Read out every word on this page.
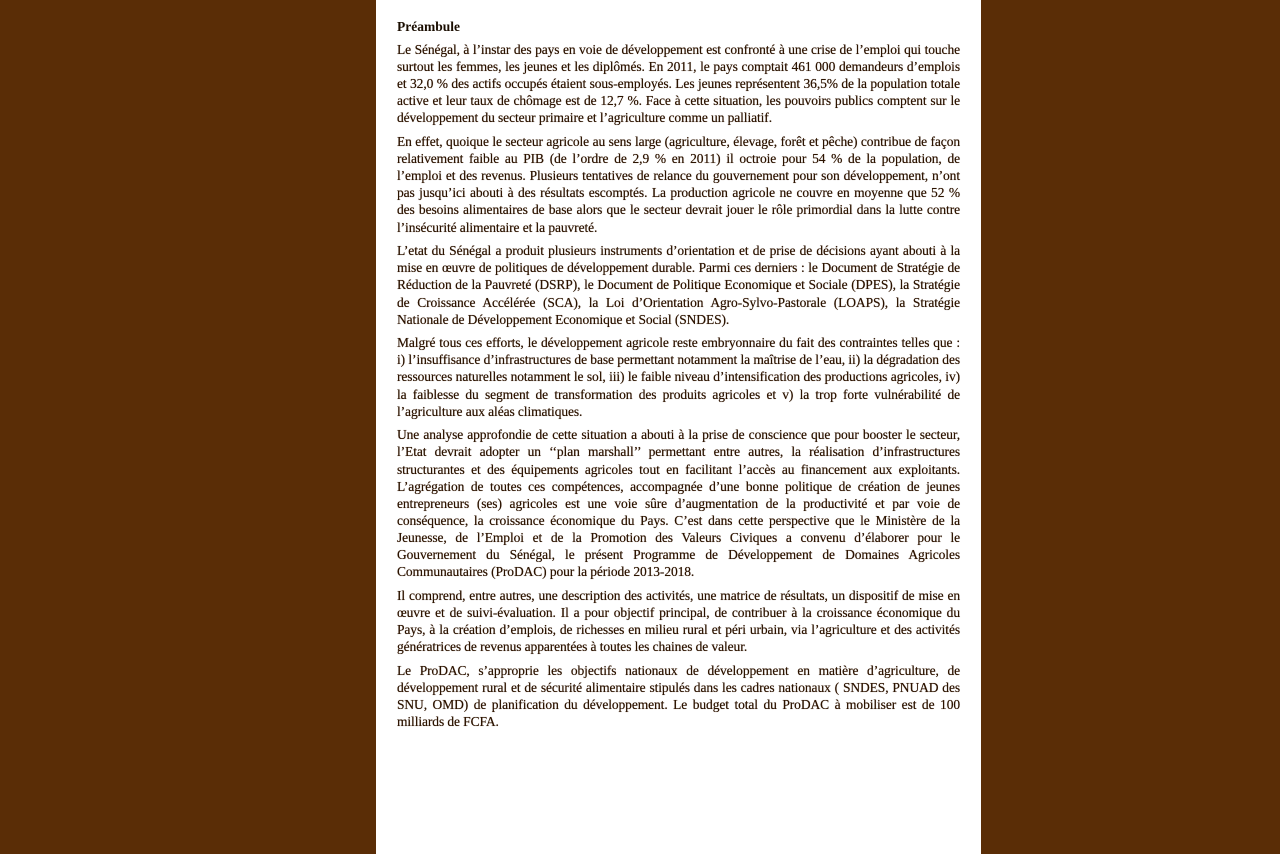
Préambule

Le Sénégal, à l’instar des pays en voie de développement est confronté à une crise de l’emploi qui touche surtout les femmes, les jeunes et les diplômés. En 2011, le pays comptait 461 000 demandeurs d’emplois et 32,0 % des actifs occupés étaient sous-employés. Les jeunes représentent 36,5% de la population totale active et leur taux de chômage est de 12,7 %. Face à cette situation, les pouvoirs publics comptent sur le développement du secteur primaire et l’agriculture comme un palliatif.

En effet, quoique le secteur agricole au sens large (agriculture, élevage, forêt et pêche) contribue de façon relativement faible au PIB (de l’ordre de 2,9 % en 2011) il octroie pour 54 % de la population, de l’emploi et des revenus. Plusieurs tentatives de relance du gouvernement pour son développement, n’ont pas jusqu’ici abouti à des résultats escomptés. La production agricole ne couvre en moyenne que 52 % des besoins alimentaires de base alors que le secteur devrait jouer le rôle primordial dans la lutte contre l’insécurité alimentaire et la pauvreté.

L’etat du Sénégal a produit plusieurs instruments d’orientation et de prise de décisions ayant abouti à la mise en œuvre de politiques de développement durable. Parmi ces derniers : le Document de Stratégie de Réduction de la Pauvreté (DSRP), le Document de Politique Economique et Sociale (DPES), la Stratégie de Croissance Accélérée (SCA), la Loi d’Orientation Agro-Sylvo-Pastorale (LOAPS), la Stratégie Nationale de Développement Economique et Social (SNDES).

Malgré tous ces efforts, le développement agricole reste embryonnaire du fait des contraintes telles que : i) l’insuffisance d’infrastructures de base permettant notamment la maîtrise de l’eau, ii) la dégradation des ressources naturelles notamment le sol, iii) le faible niveau d’intensification des productions agricoles, iv) la faiblesse du segment de transformation des produits agricoles et v) la trop forte vulnérabilité de l’agriculture aux aléas climatiques.

Une analyse approfondie de cette situation a abouti à la prise de conscience que pour booster le secteur, l’Etat devrait adopter un ‘‘plan marshall’’ permettant entre autres, la réalisation d’infrastructures structurantes et des équipements agricoles tout en facilitant l’accès au financement aux exploitants. L’agrégation de toutes ces compétences, accompagnée d’une bonne politique de création de jeunes entrepreneurs (ses) agricoles est une voie sûre d’augmentation de la productivité et par voie de conséquence, la croissance économique du Pays. C’est dans cette perspective que le Ministère de la Jeunesse, de l’Emploi et de la Promotion des Valeurs Civiques a convenu d’élaborer pour le Gouvernement du Sénégal, le présent Programme de Développement de Domaines Agricoles Communautaires (ProDAC) pour la période 2013-2018.

Il comprend, entre autres, une description des activités, une matrice de résultats, un dispositif de mise en œuvre et de suivi-évaluation. Il a pour objectif principal, de contribuer à la croissance économique du Pays, à la création d’emplois, de richesses en milieu rural et péri urbain, via l’agriculture et des activités génératrices de revenus apparentées à toutes les chaines de valeur.

Le ProDAC, s’approprie les objectifs nationaux de développement en matière d’agriculture, de développement rural et de sécurité alimentaire stipulés dans les cadres nationaux ( SNDES, PNUAD des SNU, OMD) de planification du développement. Le budget total du ProDAC à mobiliser est de 100 milliards de FCFA.
